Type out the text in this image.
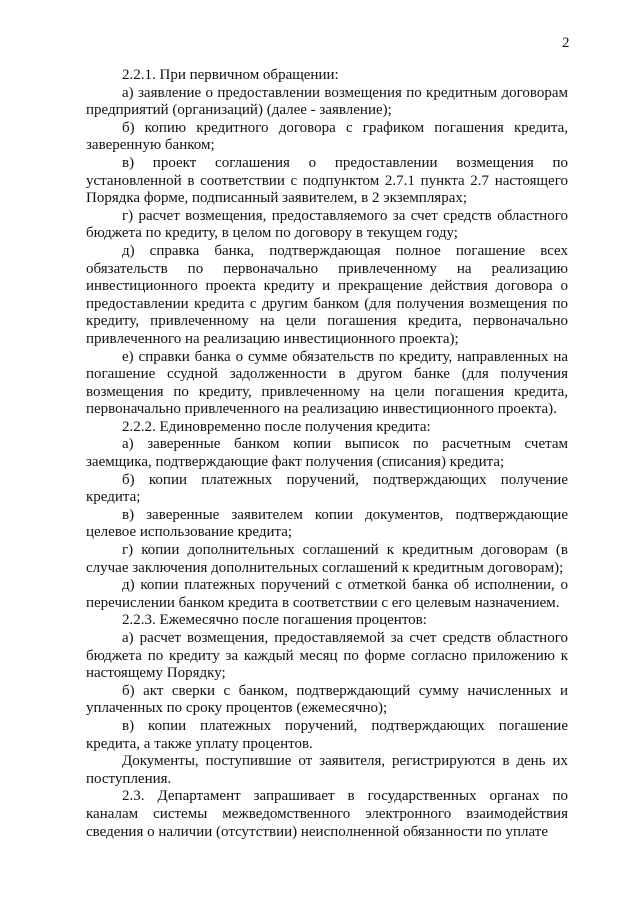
2

2.2.1. При первичном обращении:

а) заявление о предоставлении возмещения по кредитным договорам предприятий (организаций) (далее - заявление);

б) копию кредитного договора с графиком погашения кредита, заверенную банком;

в) проект соглашения о предоставлении возмещения по установленной в соответствии с подпунктом 2.7.1 пункта 2.7 настоящего Порядка форме, подписанный заявителем, в 2 экземплярах;

г) расчет возмещения, предоставляемого за счет средств областного бюджета по кредиту, в целом по договору в текущем году;

д) справка банка, подтверждающая полное погашение всех обязательств по первоначально привлеченному на реализацию инвестиционного проекта кредиту и прекращение действия договора о предоставлении кредита с другим банком (для получения возмещения по кредиту, привлеченному на цели погашения кредита, первоначально привлеченного на реализацию инвестиционного проекта);

е) справки банка о сумме обязательств по кредиту, направленных на погашение ссудной задолженности в другом банке (для получения возмещения по кредиту, привлеченному на цели погашения кредита, первоначально привлеченного на реализацию инвестиционного проекта).

2.2.2. Единовременно после получения кредита:

а) заверенные банком копии выписок по расчетным счетам заемщика, подтверждающие факт получения (списания) кредита;

б) копии платежных поручений, подтверждающих получение кредита;

в) заверенные заявителем копии документов, подтверждающие целевое использование кредита;

г) копии дополнительных соглашений к кредитным договорам (в случае заключения дополнительных соглашений к кредитным договорам);

д) копии платежных поручений с отметкой банка об исполнении, о перечислении банком кредита в соответствии с его целевым назначением.

2.2.3. Ежемесячно после погашения процентов:

а) расчет возмещения, предоставляемой за счет средств областного бюджета по кредиту за каждый месяц по форме согласно приложению к настоящему Порядку;

б) акт сверки с банком, подтверждающий сумму начисленных и уплаченных по сроку процентов (ежемесячно);

в) копии платежных поручений, подтверждающих погашение кредита, а также уплату процентов.

Документы, поступившие от заявителя, регистрируются в день их поступления.

2.3. Департамент запрашивает в государственных органах по каналам системы межведомственного электронного взаимодействия сведения о наличии (отсутствии) неисполненной обязанности по уплате
